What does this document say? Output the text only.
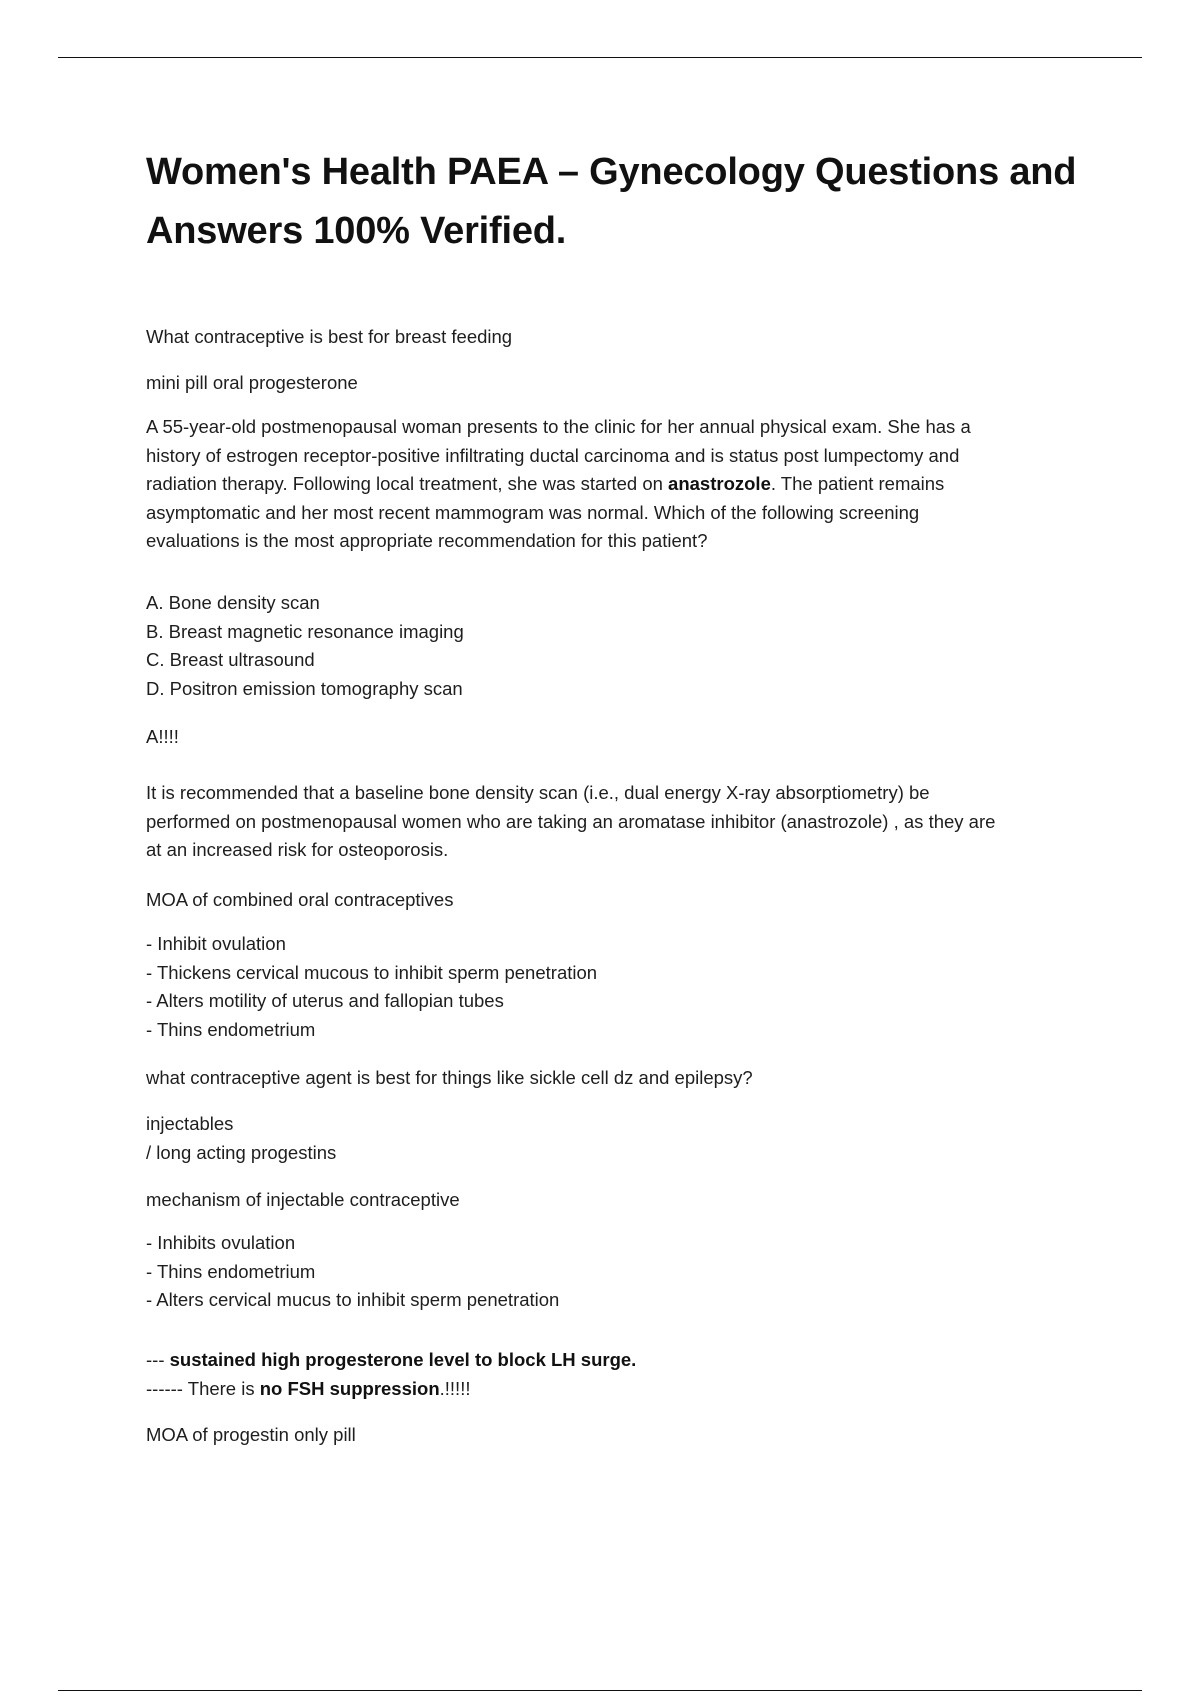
Women's Health PAEA – Gynecology Questions and
Answers 100% Verified.

What contraceptive is best for breast feeding

mini pill oral progesterone

A 55-year-old postmenopausal woman presents to the clinic for her annual physical exam. She has a
history of estrogen receptor-positive infiltrating ductal carcinoma and is status post lumpectomy and
radiation therapy. Following local treatment, she was started on anastrozole. The patient remains
asymptomatic and her most recent mammogram was normal. Which of the following screening
evaluations is the most appropriate recommendation for this patient?
A. Bone density scan
B. Breast magnetic resonance imaging
C. Breast ultrasound
D. Positron emission tomography scan

A!!!!

It is recommended that a baseline bone density scan (i.e., dual energy X-ray absorptiometry) be
performed on postmenopausal women who are taking an aromatase inhibitor (anastrozole) , as they are
at an increased risk for osteoporosis.

MOA of combined oral contraceptives

- Inhibit ovulation
- Thickens cervical mucous to inhibit sperm penetration
- Alters motility of uterus and fallopian tubes
- Thins endometrium

what contraceptive agent is best for things like sickle cell dz and epilepsy?

injectables
/ long acting progestins

mechanism of injectable contraceptive

- Inhibits ovulation
- Thins endometrium
- Alters cervical mucus to inhibit sperm penetration
--- sustained high progesterone level to block LH surge.
------ There is no FSH suppression.!!!!!

MOA of progestin only pill
